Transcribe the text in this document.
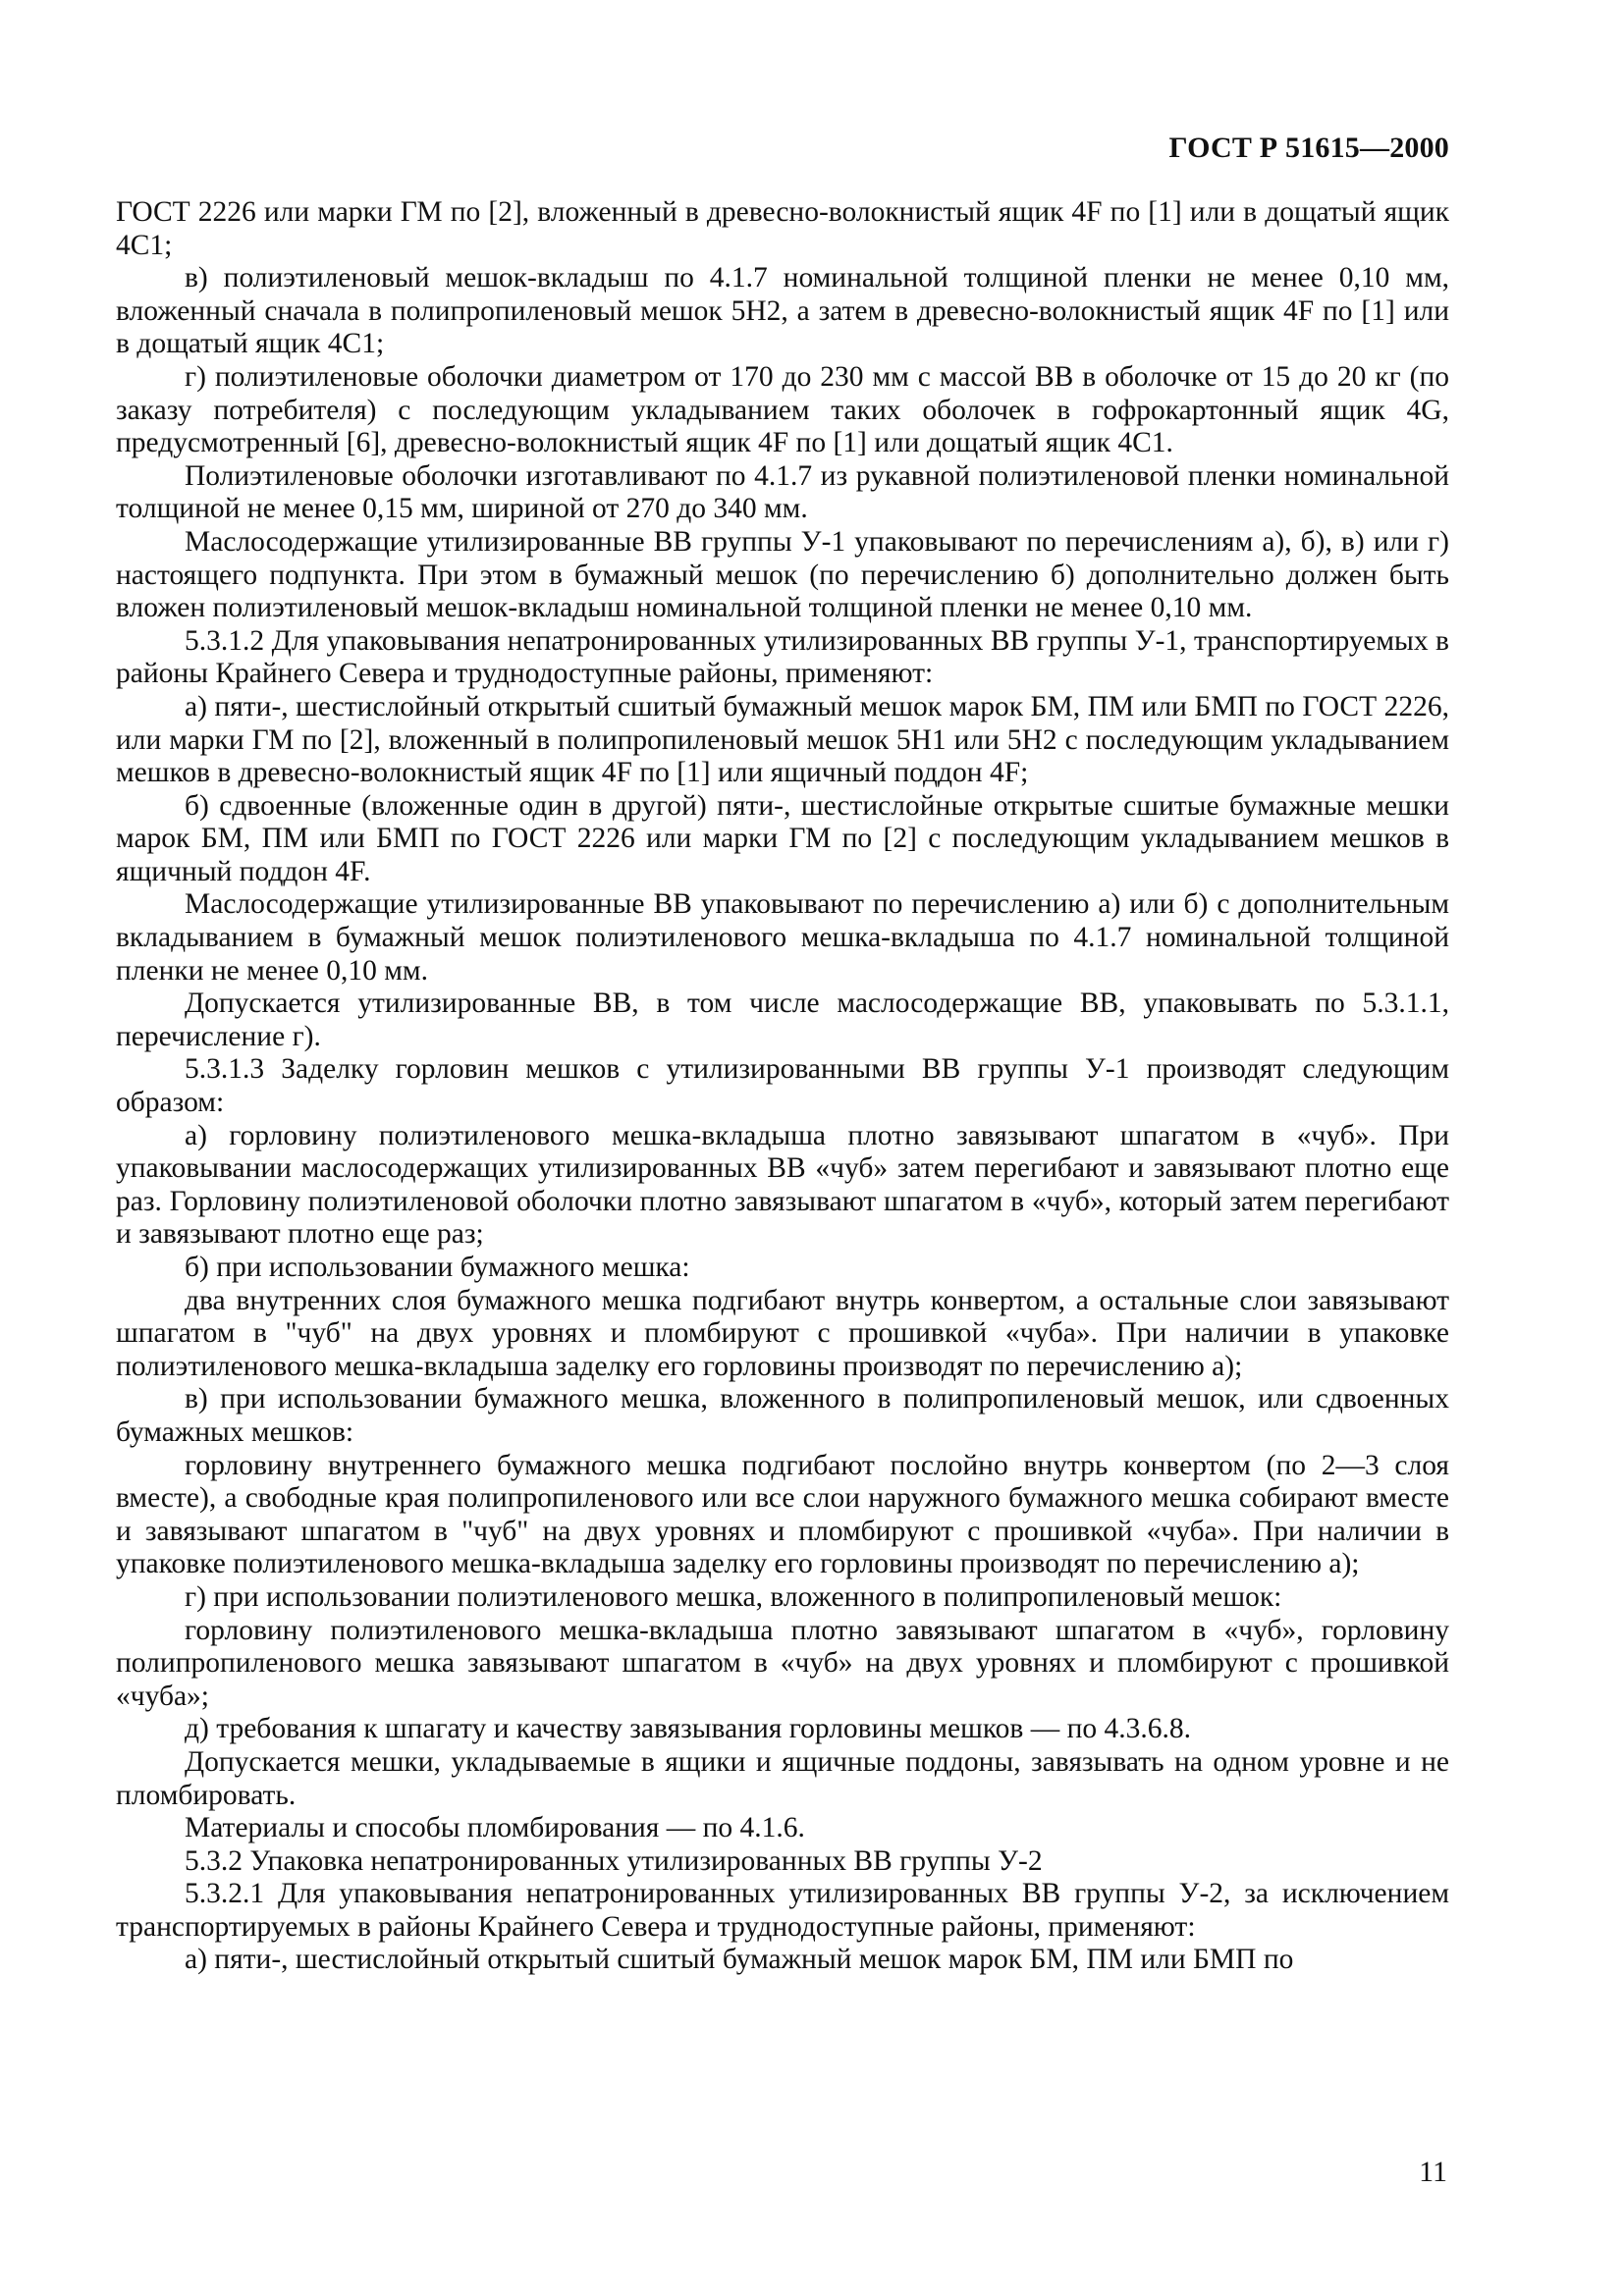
ГОСТ Р 51615—2000

ГОСТ 2226 или марки ГМ по [2], вложенный в древесно-волокнистый ящик 4F по [1] или в дощатый ящик 4С1;

в) полиэтиленовый мешок-вкладыш по 4.1.7 номинальной толщиной пленки не менее 0,10 мм, вложенный сначала в полипропиленовый мешок 5Н2, а затем в древесно-волокнистый ящик 4F по [1] или в дощатый ящик 4С1;

г) полиэтиленовые оболочки диаметром от 170 до 230 мм с массой ВВ в оболочке от 15 до 20 кг (по заказу потребителя) с последующим укладыванием таких оболочек в гофрокартонный ящик 4G, предусмотренный [6], древесно-волокнистый ящик 4F по [1] или дощатый ящик 4С1.

Полиэтиленовые оболочки изготавливают по 4.1.7 из рукавной полиэтиленовой пленки номинальной толщиной не менее 0,15 мм, шириной от 270 до 340 мм.

Маслосодержащие утилизированные ВВ группы У-1 упаковывают по перечислениям а), б), в) или г) настоящего подпункта. При этом в бумажный мешок (по перечислению б) дополнительно должен быть вложен полиэтиленовый мешок-вкладыш номинальной толщиной пленки не менее 0,10 мм.

5.3.1.2 Для упаковывания непатронированных утилизированных ВВ группы У-1, транспортируемых в районы Крайнего Севера и труднодоступные районы, применяют:

а) пяти-, шестислойный открытый сшитый бумажный мешок марок БМ, ПМ или БМП по ГОСТ 2226, или марки ГМ по [2], вложенный в полипропиленовый мешок 5Н1 или 5Н2 с последующим укладыванием мешков в древесно-волокнистый ящик 4F по [1] или ящичный поддон 4F;

б) сдвоенные (вложенные один в другой) пяти-, шестислойные открытые сшитые бумажные мешки марок БМ, ПМ или БМП по ГОСТ 2226 или марки ГМ по [2] с последующим укладыванием мешков в ящичный поддон 4F.

Маслосодержащие утилизированные ВВ упаковывают по перечислению а) или б) с дополнительным вкладыванием в бумажный мешок полиэтиленового мешка-вкладыша по 4.1.7 номинальной толщиной пленки не менее 0,10 мм.

Допускается утилизированные ВВ, в том числе маслосодержащие ВВ, упаковывать по 5.3.1.1, перечисление г).

5.3.1.3 Заделку горловин мешков с утилизированными ВВ группы У-1 производят следующим образом:

а) горловину полиэтиленового мешка-вкладыша плотно завязывают шпагатом в «чуб». При упаковывании маслосодержащих утилизированных ВВ «чуб» затем перегибают и завязывают плотно еще раз. Горловину полиэтиленовой оболочки плотно завязывают шпагатом в «чуб», который затем перегибают и завязывают плотно еще раз;

б) при использовании бумажного мешка:

два внутренних слоя бумажного мешка подгибают внутрь конвертом, а остальные слои завязывают шпагатом в "чуб" на двух уровнях и пломбируют с прошивкой «чуба». При наличии в упаковке полиэтиленового мешка-вкладыша заделку его горловины производят по перечислению а);

в) при использовании бумажного мешка, вложенного в полипропиленовый мешок, или сдвоенных бумажных мешков:

горловину внутреннего бумажного мешка подгибают послойно внутрь конвертом (по 2—3 слоя вместе), а свободные края полипропиленового или все слои наружного бумажного мешка собирают вместе и завязывают шпагатом в "чуб" на двух уровнях и пломбируют с прошивкой «чуба». При наличии в упаковке полиэтиленового мешка-вкладыша заделку его горловины производят по перечислению а);

г) при использовании полиэтиленового мешка, вложенного в полипропиленовый мешок:

горловину полиэтиленового мешка-вкладыша плотно завязывают шпагатом в «чуб», горловину полипропиленового мешка завязывают шпагатом в «чуб» на двух уровнях и пломбируют с прошивкой «чуба»;

д) требования к шпагату и качеству завязывания горловины мешков — по 4.3.6.8.

Допускается мешки, укладываемые в ящики и ящичные поддоны, завязывать на одном уровне и не пломбировать.

Материалы и способы пломбирования — по 4.1.6.

5.3.2 Упаковка непатронированных утилизированных ВВ группы У-2

5.3.2.1 Для упаковывания непатронированных утилизированных ВВ группы У-2, за исключением транспортируемых в районы Крайнего Севера и труднодоступные районы, применяют:

а) пяти-, шестислойный открытый сшитый бумажный мешок марок БМ, ПМ или БМП по

11
